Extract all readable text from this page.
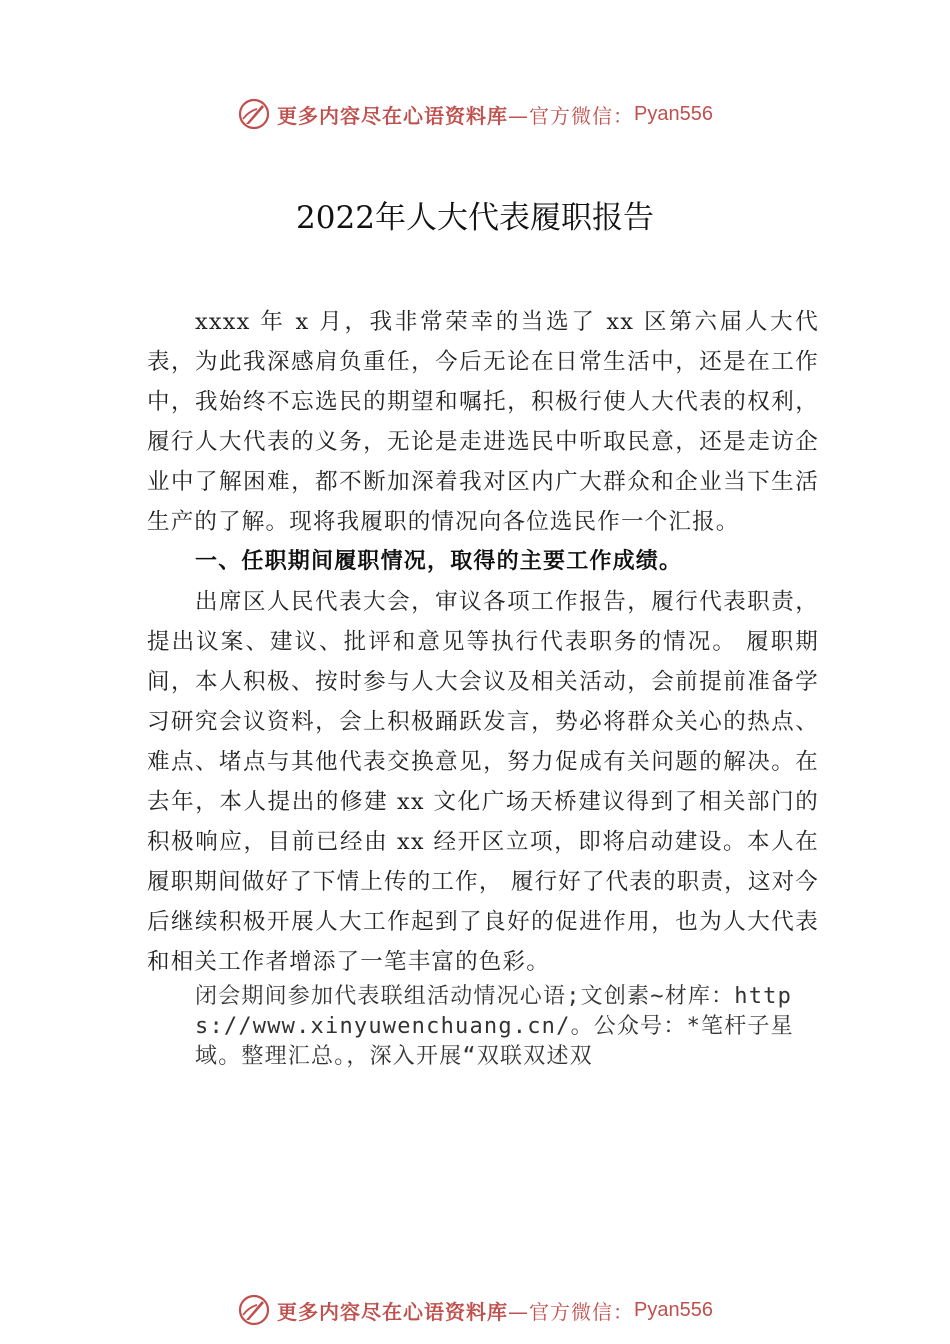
更多内容尽在心语资料库 —官方微信： Pyan556
2022年人大代表履职报告

xxxx 年 x 月，我非常荣幸的当选了 xx 区第六届人大代表，为此我深感肩负重任，今后无论在日常生活中，还是在工作中，我始终不忘选民的期望和嘱托，积极行使人大代表的权利，履行人大代表的义务，无论是走进选民中听取民意，还是走访企业中了解困难，都不断加深着我对区内广大群众和企业当下生活生产的了解。现将我履职的情况向各位选民作一个汇报。

一、任职期间履职情况，取得的主要工作成绩。

出席区人民代表大会，审议各项工作报告，履行代表职责，提出议案、建议、批评和意见等执行代表职务的情况。 履职期间，本人积极、按时参与人大会议及相关活动，会前提前准备学习研究会议资料，会上积极踊跃发言，势必将群众关心的热点、难点、堵点与其他代表交换意见，努力促成有关问题的解决。在去年，本人提出的修建 xx 文化广场天桥建议得到了相关部门的积极响应，目前已经由 xx 经开区立项，即将启动建设。本人在履职期间做好了下情上传的工作， 履行好了代表的职责，这对今后继续积极开展人大工作起到了良好的促进作用，也为人大代表和相关工作者增添了一笔丰富的色彩。

闭会期间参加代表联组活动情况心语;文创素~材库：https://www.xinyuwenchuang.cn/。公众号：*笔杆子星域。整理汇总。，深入开展“双联双述双

更多内容尽在心语资料库 —官方微信： Pyan556
